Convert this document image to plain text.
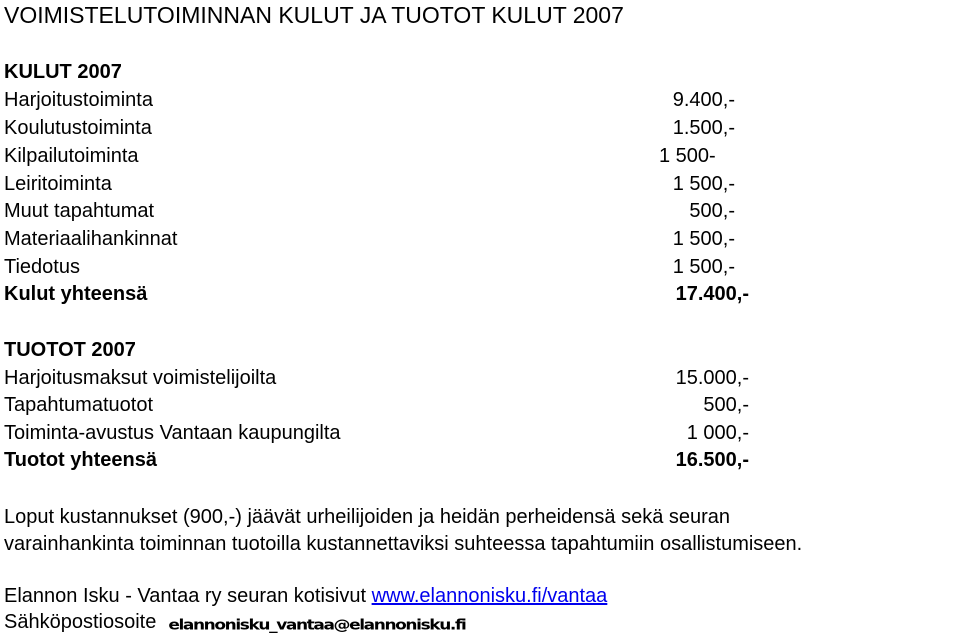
VOIMISTELUTOIMINNAN KULUT JA TUOTOT KULUT 2007
KULUT 2007
Harjoitustoiminta	9.400,-
Koulutustoiminta	1.500,-
Kilpailutoiminta	1 500-
Leiritoiminta	1 500,-
Muut tapahtumat	500,-
Materiaalihankinnat	1 500,-
Tiedotus	1 500,-
Kulut yhteensä	17.400,-
TUOTOT 2007
Harjoitusmaksut voimistelijoilta	15.000,-
Tapahtumatuotot	500,-
Toiminta-avustus Vantaan kaupungilta	1 000,-
Tuotot yhteensä	16.500,-
Loput kustannukset (900,-) jäävät urheilijoiden ja heidän perheidensä sekä seuran
varainhankinta toiminnan tuotoilla kustannettaviksi suhteessa tapahtumiin osallistumiseen.
Elannon Isku - Vantaa ry seuran kotisivut www.elannonisku.fi/vantaa
Sähköpostiosoite elannonisku_vantaa@elannonisku.fi
